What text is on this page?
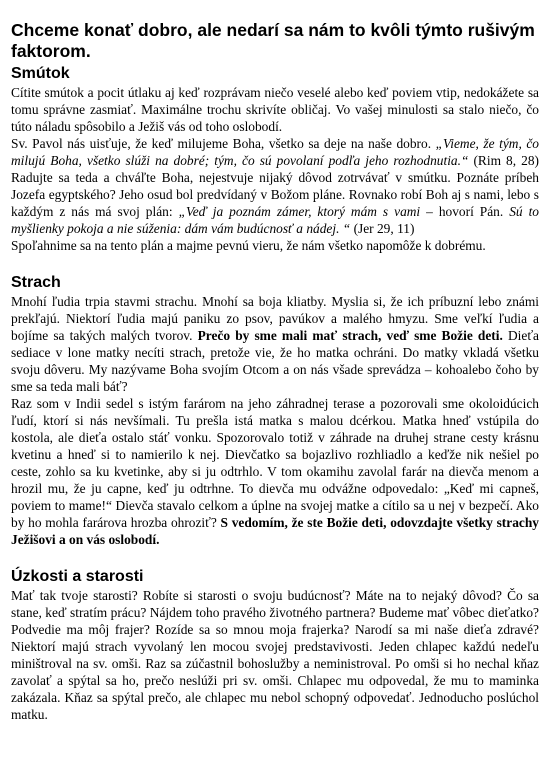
Chceme konať dobro, ale nedarí sa nám to kvôli týmto rušivým faktorom.
Smútok

Cítite smútok a pocit útlaku aj keď rozprávam niečo veselé alebo keď poviem vtip, nedokážete sa tomu správne zasmiať. Maximálne trochu skrivíte obličaj. Vo vašej minulosti sa stalo niečo, čo túto náladu spôsobilo a Ježiš vás od toho oslobodí.

Sv. Pavol nás uisťuje, že keď milujeme Boha, všetko sa deje na naše dobro. „Vieme, že tým, čo milujú Boha, všetko slúži na dobré; tým, čo sú povolaní podľa jeho rozhodnutia.“ (Rim 8, 28) Radujte sa teda a chváľte Boha, nejestvuje nijaký dôvod zotrvávať v smútku. Poznáte príbeh Jozefa egyptského? Jeho osud bol predvídaný v Božom pláne. Rovnako robí Boh aj s nami, lebo s každým z nás má svoj plán: „Veď ja poznám zámer, ktorý mám s vami – hovorí Pán. Sú to myšlienky pokoja a nie súženia: dám vám budúcnosť a nádej. “ (Jer 29, 11)

Spoľahnime sa na tento plán a majme pevnú vieru, že nám všetko napomôže k dobrému.

Strach

Mnohí ľudia trpia stavmi strachu. Mnohí sa boja kliatby. Myslia si, že ich príbuzní lebo známi prekľajú. Niektorí ľudia majú paniku zo psov, pavúkov a malého hmyzu. Sme veľkí ľudia a bojíme sa takých malých tvorov. Prečo by sme mali mať strach, veď sme Božie deti. Dieťa sediace v lone matky necíti strach, pretože vie, že ho matka ochráni. Do matky vkladá všetku svoju dôveru. My nazývame Boha svojím Otcom a on nás všade sprevádza – kohoalebo čoho by sme sa teda mali báť?

Raz som v Indii sedel s istým farárom na jeho záhradnej terase a pozorovali sme okoloidúcich ľudí, ktorí si nás nevšímali. Tu prešla istá matka s malou dcérkou. Matka hneď vstúpila do kostola, ale dieťa ostalo stáť vonku. Spozorovalo totiž v záhrade na druhej strane cesty krásnu kvetinu a hneď si to namierilo k nej. Dievčatko sa bojazlivo rozhliadlo a keďže nik nešiel po ceste, zohlo sa ku kvetinke, aby si ju odtrhlo. V tom okamihu zavolal farár na dievča menom a hrozil mu, že ju capne, keď ju odtrhne. To dievča mu odvážne odpovedalo: „Keď mi capneš, poviem to mame!“ Dievča stavalo celkom a úplne na svojej matke a cítilo sa u nej v bezpečí. Ako by ho mohla farárova hrozba ohroziť? S vedomím, že ste Božie deti, odovzdajte všetky strachy Ježišovi a on vás oslobodí.

Úzkosti a starosti

Mať tak tvoje starosti? Robíte si starosti o svoju budúcnosť? Máte na to nejaký dôvod? Čo sa stane, keď stratím prácu? Nájdem toho pravého životného partnera? Budeme mať vôbec dieťatko? Podvedie ma môj frajer? Rozíde sa so mnou moja frajerka? Narodí sa mi naše dieťa zdravé? Niektorí majú strach vyvolaný len mocou svojej predstavivosti. Jeden chlapec každú nedeľu miništroval na sv. omši. Raz sa zúčastnil bohoslužby a neministroval. Po omši si ho nechal kňaz zavolať a spýtal sa ho, prečo neslúži pri sv. omši. Chlapec mu odpovedal, že mu to maminka zakázala. Kňaz sa spýtal prečo, ale chlapec mu nebol schopný odpovedať. Jednoducho poslúchol matku.
